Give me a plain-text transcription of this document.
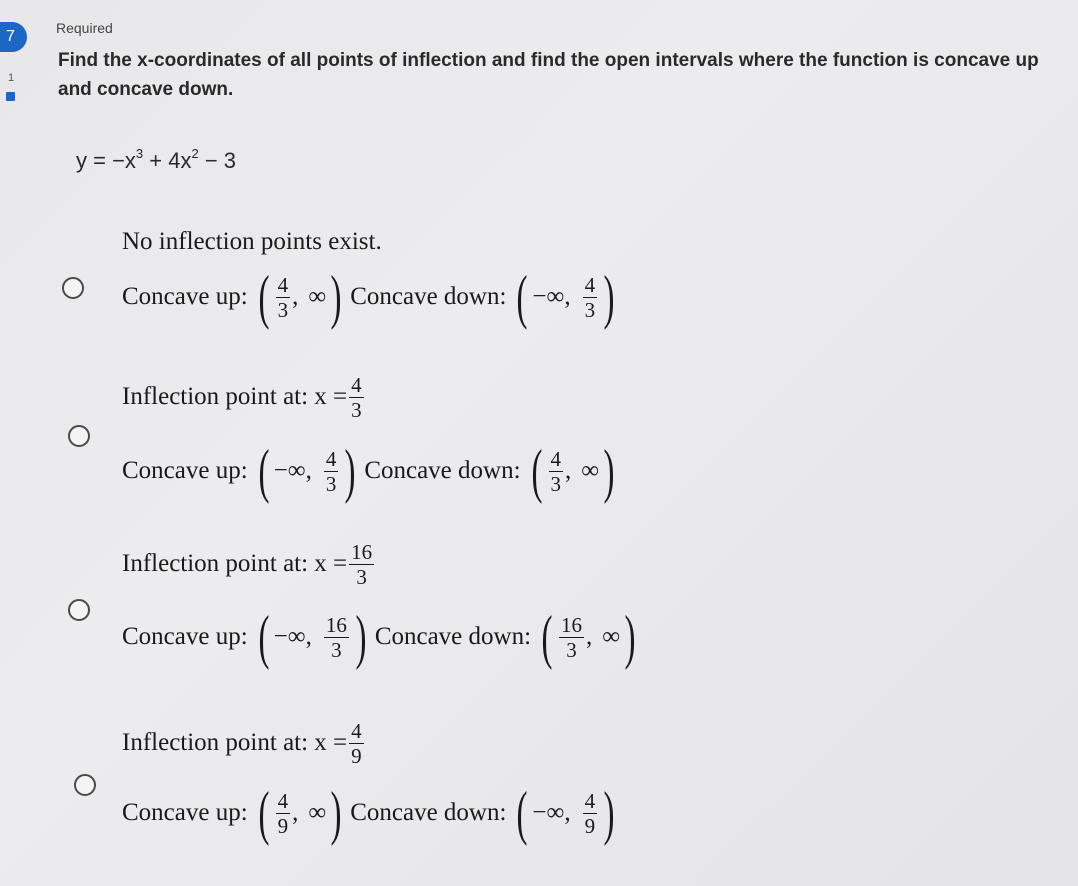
7
1
Required
Find the x-coordinates of all points of inflection and find the open intervals where the function is concave up and concave down.
$y = -x^3 + 4x^2 - 3$
No inflection points exist.
Concave up: ( $\frac{4}{3}$ , ∞ ) Concave down: ( −∞ , $\frac{4}{3}$ )
Inflection point at: $x = \frac{4}{3}$
Concave up: ( −∞ , $\frac{4}{3}$ ) Concave down: ( $\frac{4}{3}$ , ∞ )
Inflection point at: $x = \frac{16}{3}$
Concave up: ( −∞ , $\frac{16}{3}$ ) Concave down: ( $\frac{16}{3}$ , ∞ )
Inflection point at: $x = \frac{4}{9}$
Concave up: ( $\frac{4}{9}$ , ∞ ) Concave down: ( −∞ , $\frac{4}{9}$ )
